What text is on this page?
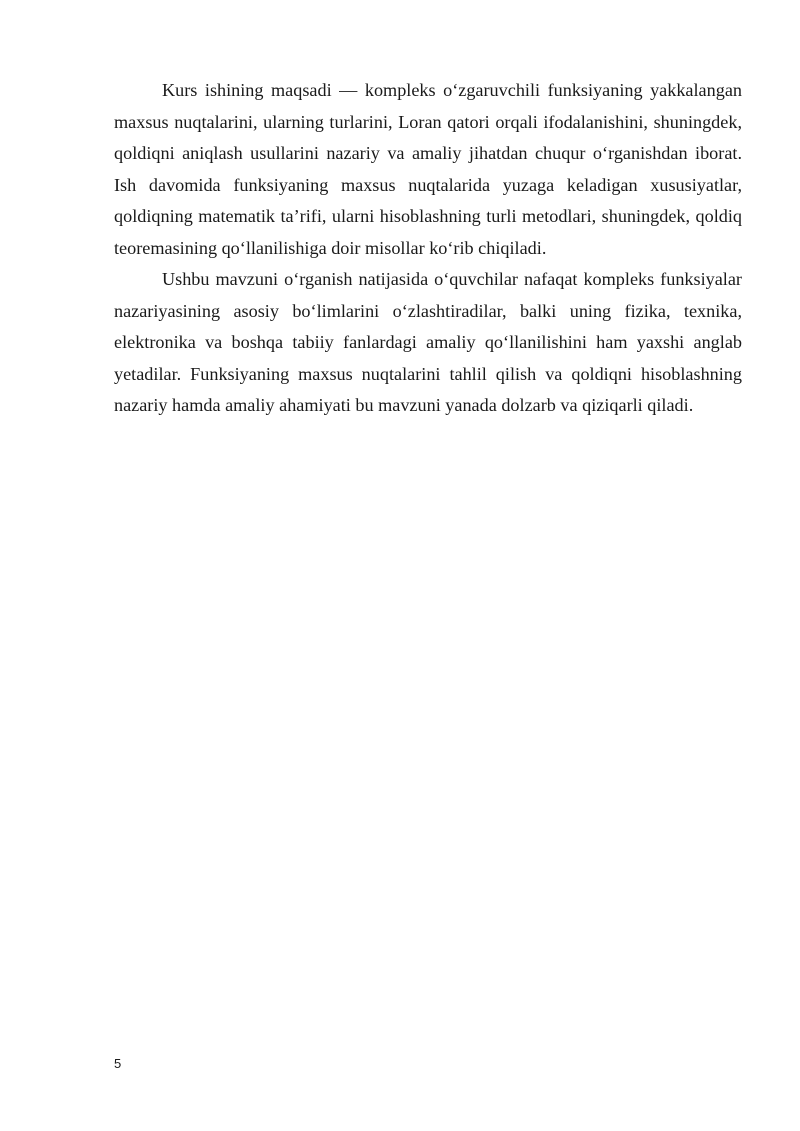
Kurs ishining maqsadi — kompleks o‘zgaruvchili funksiyaning yakkalangan maxsus nuqtalarini, ularning turlarini, Loran qatori orqali ifodalanishini, shuningdek, qoldiqni aniqlash usullarini nazariy va amaliy jihatdan chuqur o‘rganishdan iborat. Ish davomida funksiyaning maxsus nuqtalarida yuzaga keladigan xususiyatlar, qoldiqning matematik ta’rifi, ularni hisoblashning turli metodlari, shuningdek, qoldiq teoremasining qo‘llanilishiga doir misollar ko‘rib chiqiladi.

Ushbu mavzuni o‘rganish natijasida o‘quvchilar nafaqat kompleks funksiyalar nazariyasining asosiy bo‘limlarini o‘zlashtiradilar, balki uning fizika, texnika, elektronika va boshqa tabiiy fanlardagi amaliy qo‘llanilishini ham yaxshi anglab yetadilar. Funksiyaning maxsus nuqtalarini tahlil qilish va qoldiqni hisoblashning nazariy hamda amaliy ahamiyati bu mavzuni yanada dolzarb va qiziqarli qiladi.

5
